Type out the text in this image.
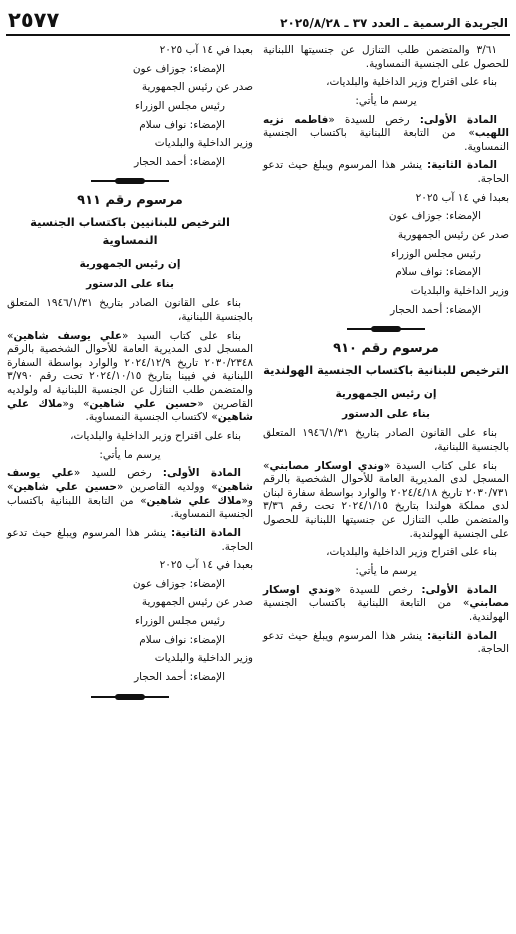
الجريدة الرسمية ـ العدد ٣٧ ـ ٢٠٢٥/٨/٢٨
٢٥٧٧

٣/٦١ والمتضمن طلب التنازل عن جنسيتها اللبنانية للحصول على الجنسية النمساوية.

بناء على اقتراح وزير الداخلية والبلديات،

يرسم ما يأتي:

المادة الأولى: رخص للسيدة «فاطمه نزيه اللهيب» من التابعة اللبنانية باكتساب الجنسية النمساوية.

المادة الثانية: ينشر هذا المرسوم ويبلغ حيث تدعو الحاجة.

بعبدا في ١٤ آب ٢٠٢٥

الإمضاء: جوزاف عون

صدر عن رئيس الجمهورية

رئيس مجلس الوزراء

الإمضاء: نواف سلام

وزير الداخلية والبلديات

الإمضاء: أحمد الحجار

مرسوم رقم ٩١٠
الترخيص للبنانية باكتساب الجنسية الهولندية

إن رئيس الجمهورية

بناء على الدستور

بناء على القانون الصادر بتاريخ ١٩٤٦/١/٣١ المتعلق بالجنسية اللبنانية،

بناء على كتاب السيدة «وندي اوسكار مصابني» المسجل لدى المديرية العامة للأحوال الشخصية بالرقم ٢٠٣٠/٧٣١ تاريخ ٢٠٢٤/٤/١٨ والوارد بواسطة سفارة لبنان لدى مملكة هولندا بتاريخ ٢٠٢٤/١/١٥ تحت رقم ٣/٣٦ والمتضمن طلب التنازل عن جنسيتها اللبنانية للحصول على الجنسية الهولندية.

بناء على اقتراح وزير الداخلية والبلديات،

يرسم ما يأتي:

المادة الأولى: رخص للسيدة «وندي اوسكار مصابني» من التابعة اللبنانية باكتساب الجنسية الهولندية.

المادة الثانية: ينشر هذا المرسوم ويبلغ حيث تدعو الحاجة.

بعبدا في ١٤ آب ٢٠٢٥

الإمضاء: جوزاف عون

صدر عن رئيس الجمهورية

رئيس مجلس الوزراء

الإمضاء: نواف سلام

وزير الداخلية والبلديات

الإمضاء: أحمد الحجار

مرسوم رقم ٩١١
الترخيص للبنانيين باكتساب الجنسية النمساوية

إن رئيس الجمهورية

بناء على الدستور

بناء على القانون الصادر بتاريخ ١٩٤٦/١/٣١ المتعلق بالجنسية اللبنانية،

بناء على كتاب السيد «علي يوسف شاهين» المسجل لدى المديرية العامة للأحوال الشخصية بالرقم ٢٠٣٠/٢٣٤٨ تاريخ ٢٠٢٤/١٢/٩ والوارد بواسطة السفارة اللبنانية في فيينا بتاريخ ٢٠٢٤/١٠/١٥ تحت رقم ٣/٧٩٠ والمتضمن طلب التنازل عن الجنسية اللبنانية له ولولديه القاصرين «حسين علي شاهين» و«ملاك علي شاهين» لاكتساب الجنسية النمساوية.

بناء على اقتراح وزير الداخلية والبلديات،

يرسم ما يأتي:

المادة الأولى: رخص للسيد «علي يوسف شاهين» وولديه القاصرين «حسين علي شاهين» و«ملاك علي شاهين» من التابعة اللبنانية باكتساب الجنسية النمساوية.

المادة الثانية: ينشر هذا المرسوم ويبلغ حيث تدعو الحاجة.

بعبدا في ١٤ آب ٢٠٢٥

الإمضاء: جوزاف عون

صدر عن رئيس الجمهورية

رئيس مجلس الوزراء

الإمضاء: نواف سلام

وزير الداخلية والبلديات

الإمضاء: أحمد الحجار
